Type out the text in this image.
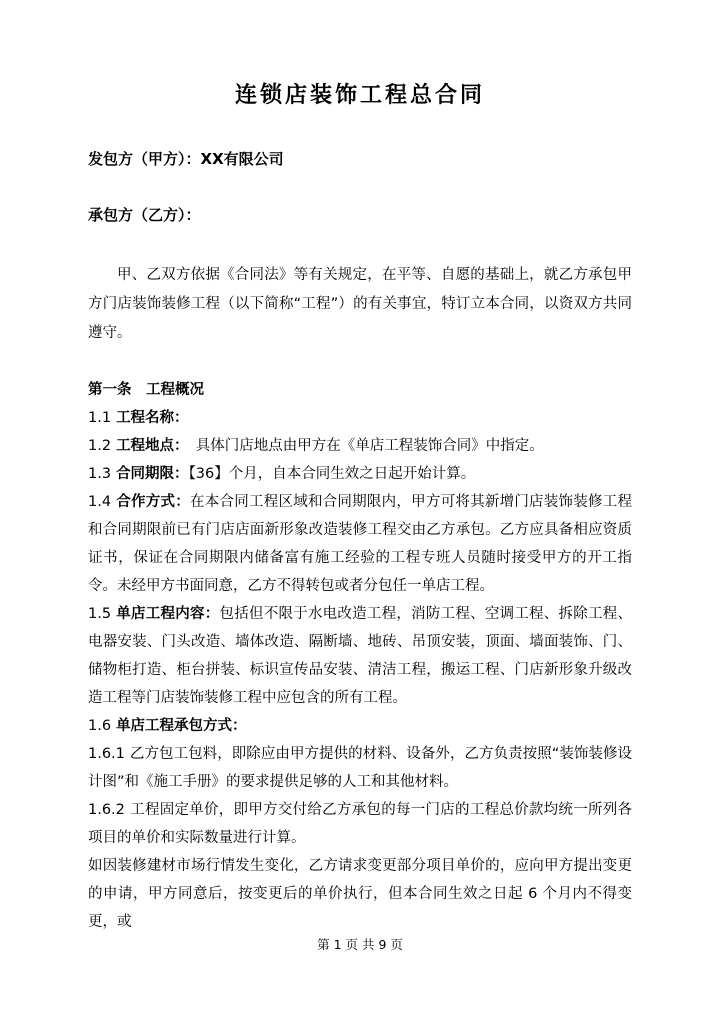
连锁店装饰工程总合同

发包方（甲方）：XX有限公司

承包方（乙方）：

甲、乙双方依据《合同法》等有关规定，在平等、自愿的基础上，就乙方承包甲方门店装饰装修工程（以下简称“工程”）的有关事宜，特订立本合同，以资双方共同遵守。

第一条　工程概况

1.1 工程名称：

1.2 工程地点：　具体门店地点由甲方在《单店工程装饰合同》中指定。

1.3 合同期限：【36】个月，自本合同生效之日起开始计算。

1.4 合作方式：在本合同工程区域和合同期限内，甲方可将其新增门店装饰装修工程和合同期限前已有门店店面新形象改造装修工程交由乙方承包。乙方应具备相应资质证书，保证在合同期限内储备富有施工经验的工程专班人员随时接受甲方的开工指令。未经甲方书面同意，乙方不得转包或者分包任一单店工程。

1.5 单店工程内容：包括但不限于水电改造工程，消防工程、空调工程、拆除工程、电器安装、门头改造、墙体改造、隔断墙、地砖、吊顶安装，顶面、墙面装饰、门、储物柜打造、柜台拼装、标识宣传品安装、清洁工程，搬运工程、门店新形象升级改造工程等门店装饰装修工程中应包含的所有工程。

1.6 单店工程承包方式：

1.6.1 乙方包工包料，即除应由甲方提供的材料、设备外，乙方负责按照“装饰装修设计图”和《施工手册》的要求提供足够的人工和其他材料。

1.6.2 工程固定单价，即甲方交付给乙方承包的每一门店的工程总价款均统一所列各项目的单价和实际数量进行计算。

如因装修建材市场行情发生变化，乙方请求变更部分项目单价的，应向甲方提出变更的申请，甲方同意后，按变更后的单价执行，但本合同生效之日起 6 个月内不得变更，或

第 1 页 共 9 页
